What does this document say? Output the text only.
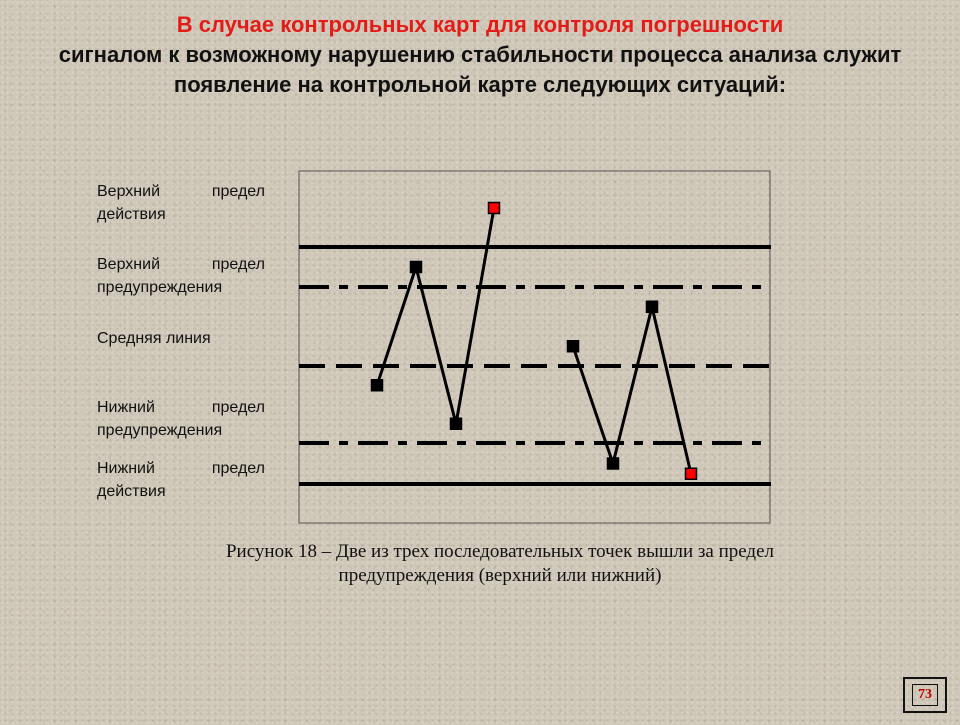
В случае контрольных карт для контроля погрешности
сигналом к возможному нарушению стабильности процесса анализа служит появление на контрольной карте следующих ситуаций:
Верхний предел
действия
Верхний предел
предупреждения
Средняя линия
Нижний предел
предупреждения
Нижний предел
действия
Рисунок 18 – Две из трех последовательных точек вышли за предел
предупреждения (верхний или нижний)
73
